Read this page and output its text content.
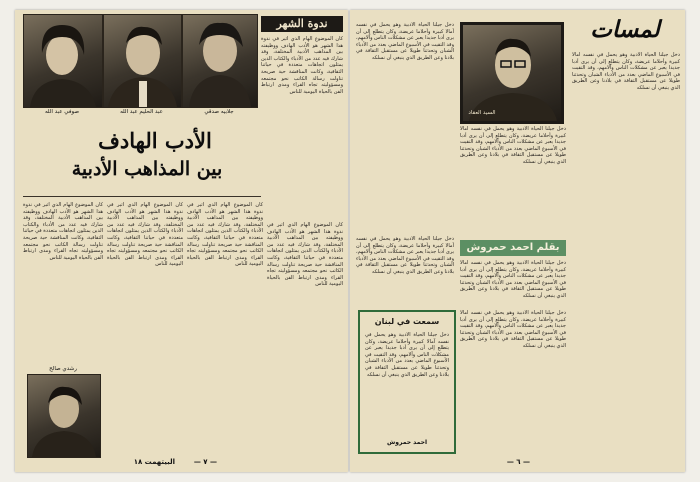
جلابيه صدقي
عبد الحليم عبد الله
صوفي عبد الله
ندوة الشهر

كان الموضوع الهام الذي أثير في ندوة هذا الشهر هو الأدب الهادف ووظيفته بين المذاهب الأدبية المختلفة، وقد شارك فيه عدد من الأدباء والكتاب الذين يمثلون اتجاهات متعددة في حياتنا الثقافية، وكانت المناقشة حية صريحة تناولت رسالة الكاتب نحو مجتمعه ومسؤوليته تجاه القراء ومدى ارتباط الفن بالحياة اليومية للناس

الأدب الهادف
بين المذاهب الأدبية

كان الموضوع الهام الذي أثير في ندوة هذا الشهر هو الأدب الهادف ووظيفته بين المذاهب الأدبية المختلفة، وقد شارك فيه عدد من الأدباء والكتاب الذين يمثلون اتجاهات متعددة في حياتنا الثقافية، وكانت المناقشة حية صريحة تناولت رسالة الكاتب نحو مجتمعه ومسؤوليته تجاه القراء ومدى ارتباط الفن بالحياة اليومية للناس

كان الموضوع الهام الذي أثير في ندوة هذا الشهر هو الأدب الهادف ووظيفته بين المذاهب الأدبية المختلفة، وقد شارك فيه عدد من الأدباء والكتاب الذين يمثلون اتجاهات متعددة في حياتنا الثقافية، وكانت المناقشة حية صريحة تناولت رسالة الكاتب نحو مجتمعه ومسؤوليته تجاه القراء ومدى ارتباط الفن بالحياة اليومية للناس

كان الموضوع الهام الذي أثير في ندوة هذا الشهر هو الأدب الهادف ووظيفته بين المذاهب الأدبية المختلفة، وقد شارك فيه عدد من الأدباء والكتاب الذين يمثلون اتجاهات متعددة في حياتنا الثقافية، وكانت المناقشة حية صريحة تناولت رسالة الكاتب نحو مجتمعه ومسؤوليته تجاه القراء ومدى ارتباط الفن بالحياة اليومية للناس

كان الموضوع الهام الذي أثير في ندوة هذا الشهر هو الأدب الهادف ووظيفته بين المذاهب الأدبية المختلفة، وقد شارك فيه عدد من الأدباء والكتاب الذين يمثلون اتجاهات متعددة في حياتنا الثقافية، وكانت المناقشة حية صريحة تناولت رسالة الكاتب نحو مجتمعه ومسؤوليته تجاه القراء ومدى ارتباط الفن بالحياة اليومية للناس

رشدي صالح
البيتهمت ١٨	— ٧ —
لمسات

دخل جيلنا الحياة الأدبية وهو يحمل في نفسه آمالا كبيرة وأحلاما عريضة، وكان يتطلع إلى أن يرى أدبا جديدا يعبر عن مشكلات الناس وآلامهم، وقد التقيت في الأسبوع الماضي بعدد من الأدباء الشبان وتحدثنا طويلا عن مستقبل الثقافة في بلادنا وعن الطريق الذي ينبغي أن نسلكه

السيد العقاد

دخل جيلنا الحياة الأدبية وهو يحمل في نفسه آمالا كبيرة وأحلاما عريضة، وكان يتطلع إلى أن يرى أدبا جديدا يعبر عن مشكلات الناس وآلامهم، وقد التقيت في الأسبوع الماضي بعدد من الأدباء الشبان وتحدثنا طويلا عن مستقبل الثقافة في بلادنا وعن الطريق الذي ينبغي أن نسلكه

دخل جيلنا الحياة الأدبية وهو يحمل في نفسه آمالا كبيرة وأحلاما عريضة، وكان يتطلع إلى أن يرى أدبا جديدا يعبر عن مشكلات الناس وآلامهم، وقد التقيت في الأسبوع الماضي بعدد من الأدباء الشبان وتحدثنا طويلا عن مستقبل الثقافة في بلادنا وعن الطريق الذي ينبغي أن نسلكه

بقلم احمد حمروش

دخل جيلنا الحياة الأدبية وهو يحمل في نفسه آمالا كبيرة وأحلاما عريضة، وكان يتطلع إلى أن يرى أدبا جديدا يعبر عن مشكلات الناس وآلامهم، وقد التقيت في الأسبوع الماضي بعدد من الأدباء الشبان وتحدثنا طويلا عن مستقبل الثقافة في بلادنا وعن الطريق الذي ينبغي أن نسلكه

دخل جيلنا الحياة الأدبية وهو يحمل في نفسه آمالا كبيرة وأحلاما عريضة، وكان يتطلع إلى أن يرى أدبا جديدا يعبر عن مشكلات الناس وآلامهم، وقد التقيت في الأسبوع الماضي بعدد من الأدباء الشبان وتحدثنا طويلا عن مستقبل الثقافة في بلادنا وعن الطريق الذي ينبغي أن نسلكه

سمعت في لبنان

دخل جيلنا الحياة الأدبية وهو يحمل في نفسه آمالا كبيرة وأحلاما عريضة، وكان يتطلع إلى أن يرى أدبا جديدا يعبر عن مشكلات الناس وآلامهم، وقد التقيت في الأسبوع الماضي بعدد من الأدباء الشبان وتحدثنا طويلا عن مستقبل الثقافة في بلادنا وعن الطريق الذي ينبغي أن نسلكه

احمد حمروش

دخل جيلنا الحياة الأدبية وهو يحمل في نفسه آمالا كبيرة وأحلاما عريضة، وكان يتطلع إلى أن يرى أدبا جديدا يعبر عن مشكلات الناس وآلامهم، وقد التقيت في الأسبوع الماضي بعدد من الأدباء الشبان وتحدثنا طويلا عن مستقبل الثقافة في بلادنا وعن الطريق الذي ينبغي أن نسلكه

— ٦ —
